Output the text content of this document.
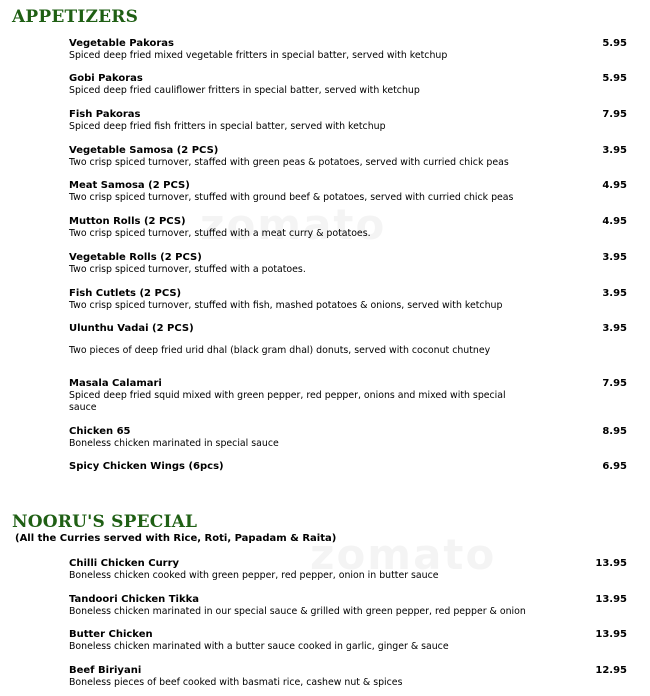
APPETIZERS

Vegetable Pakoras

Spiced deep fried mixed vegetable fritters in special batter, served with ketchup

5.95

Gobi Pakoras

Spiced deep fried cauliflower fritters in special batter, served with ketchup

5.95

Fish Pakoras

Spiced deep fried fish fritters in special batter, served with ketchup

7.95

Vegetable Samosa (2 PCS)

Two crisp spiced turnover, staffed with green peas & potatoes, served with curried chick peas

3.95

Meat Samosa (2 PCS)

Two crisp spiced turnover, stuffed with ground beef & potatoes, served with curried chick peas

4.95

Mutton Rolls (2 PCS)

Two crisp spiced turnover, stuffed with a meat curry & potatoes.

4.95

Vegetable Rolls (2 PCS)

Two crisp spiced turnover, stuffed with a potatoes.

3.95

Fish Cutlets (2 PCS)

Two crisp spiced turnover, stuffed with fish, mashed potatoes & onions, served with ketchup

3.95

Ulunthu Vadai (2 PCS)	3.95

Two pieces of deep fried urid dhal (black gram dhal) donuts, served with coconut chutney

Masala Calamari

Spiced deep fried squid mixed with green pepper, red pepper, onions and mixed with special sauce

7.95

Chicken 65

Boneless chicken marinated in special sauce

8.95

Spicy Chicken Wings (6pcs)	6.95
NOORU'S SPECIAL

(All the Curries served with Rice, Roti, Papadam & Raita)

Chilli Chicken Curry

Boneless chicken cooked with green pepper, red pepper, onion in butter sauce

13.95

Tandoori Chicken Tikka

Boneless chicken marinated in our special sauce & grilled with green pepper, red pepper & onion

13.95

Butter Chicken

Boneless chicken marinated with a butter sauce cooked in garlic, ginger & sauce

13.95

Beef Biriyani

Boneless pieces of beef cooked with basmati rice, cashew nut & spices

12.95
